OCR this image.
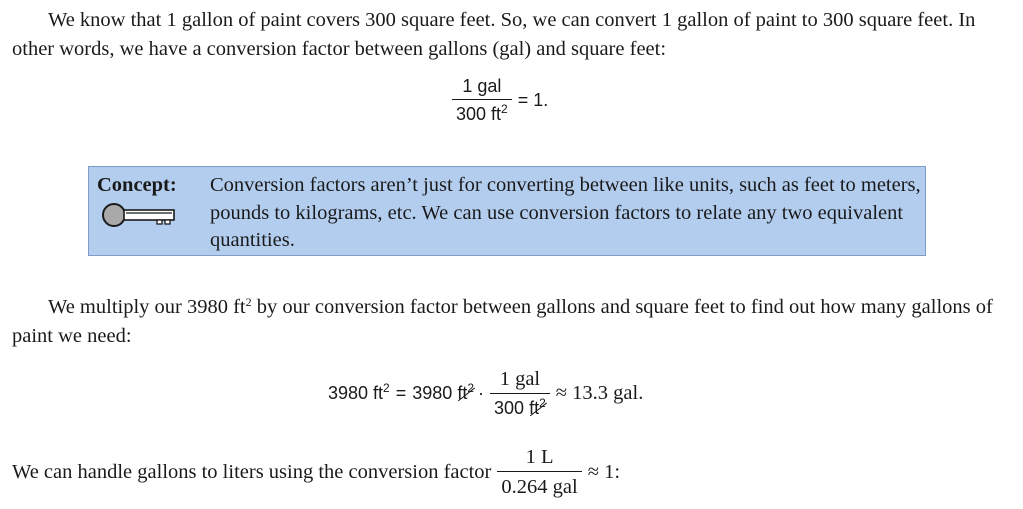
We know that 1 gallon of paint covers 300 square feet. So, we can convert 1 gallon of paint to 300 square feet. In other words, we have a conversion factor between gallons (gal) and square feet:
$\frac{\text{1 gal}}{300 ft^2} = 1$.
Concept: Conversion factors aren’t just for converting between like units, such as feet to meters, pounds to kilograms, etc. We can use conversion factors to relate any two equivalent quantities.
We multiply our 3980 $ft^2$ by our conversion factor between gallons and square feet to find out how many gallons of paint we need:
3980 $ft^2 = 3980$ $ft^2 \cdot \frac{\text{1 gal}}{300 ft^2} \approx 13.3$ gal.
We can handle gallons to liters using the conversion factor $\frac{1 L}{\text{0.264 gal}} \approx 1$:
